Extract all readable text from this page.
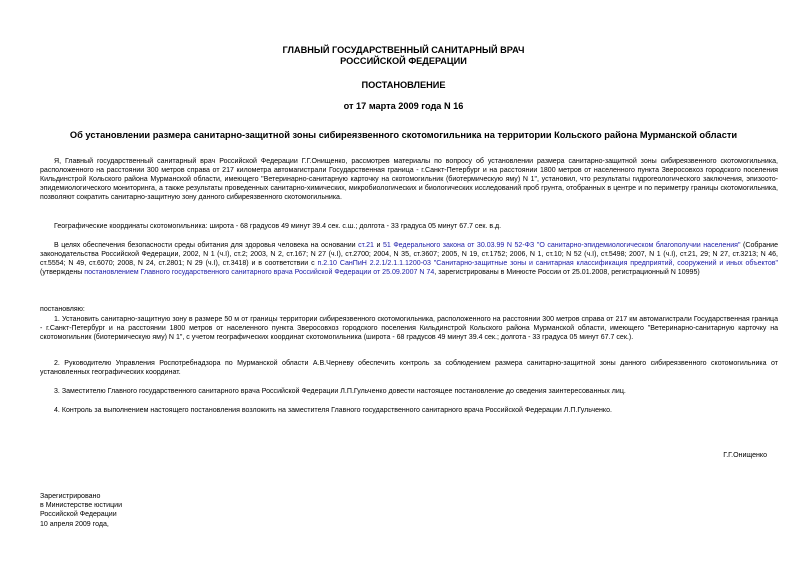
ГЛАВНЫЙ ГОСУДАРСТВЕННЫЙ САНИТАРНЫЙ ВРАЧ
РОССИЙСКОЙ ФЕДЕРАЦИИ
ПОСТАНОВЛЕНИЕ
от 17 марта 2009 года N 16
Об установлении размера санитарно-защитной зоны сибиреязвенного скотомогильника на территории Кольского района Мурманской области

Я, Главный государственный санитарный врач Российской Федерации Г.Г.Онищенко, рассмотрев материалы по вопросу об установлении размера санитарно-защитной зоны сибиреязвенного скотомогильника, расположенного на расстоянии 300 метров справа от 217 километра автомагистрали Государственная граница - г.Санкт-Петербург и на расстоянии 1800 метров от населенного пункта Зверосовхоз городского поселения Кильдинстрой Кольского района Мурманской области, имеющего "Ветеринарно-санитарную карточку на скотомогильник (биотермическую яму) N 1", установил, что результаты гидрогеологического заключения, эпизоото-эпидемиологического мониторинга, а также результаты проведенных санитарно-химических, микробиологических и биологических исследований проб грунта, отобранных в центре и по периметру границы скотомогильника, позволяют сократить санитарно-защитную зону данного сибиреязвенного скотомогильника.

Географические координаты скотомогильника: широта - 68 градусов 49 минут 39.4 сек. с.ш.; долгота - 33 градуса 05 минут 67.7 сек. в.д.

В целях обеспечения безопасности среды обитания для здоровья человека на основании ст.21 и 51 Федерального закона от 30.03.99 N 52-ФЗ "О санитарно-эпидемиологическом благополучии населения" (Собрание законодательства Российской Федерации, 2002, N 1 (ч.I), ст.2; 2003, N 2, ст.167; N 27 (ч.I), ст.2700; 2004, N 35, ст.3607; 2005, N 19, ст.1752; 2006, N 1, ст.10; N 52 (ч.I), ст.5498; 2007, N 1 (ч.I), ст.21, 29; N 27, ст.3213; N 46, ст.5554; N 49, ст.6070; 2008, N 24, ст.2801; N 29 (ч.I), ст.3418) и в соответствии с п.2.10 СанПиН 2.2.1/2.1.1.1200-03 "Санитарно-защитные зоны и санитарная классификация предприятий, сооружений и иных объектов" (утверждены постановлением Главного государственного санитарного врача Российской Федерации от 25.09.2007 N 74, зарегистрированы в Минюсте России от 25.01.2008, регистрационный N 10995)

постановляю:

1. Установить санитарно-защитную зону в размере 50 м от границы территории сибиреязвенного скотомогильника, расположенного на расстоянии 300 метров справа от 217 км автомагистрали Государственная граница - г.Санкт-Петербург и на расстоянии 1800 метров от населенного пункта Зверосовхоз городского поселения Кильдинстрой Кольского района Мурманской области, имеющего "Ветеринарно-санитарную карточку на скотомогильник (биотермическую яму) N 1", с учетом географических координат скотомогильника (широта - 68 градусов 49 минут 39.4 сек.; долгота - 33 градуса 05 минут 67.7 сек.).

2. Руководителю Управления Роспотребнадзора по Мурманской области А.В.Черневу обеспечить контроль за соблюдением размера санитарно-защитной зоны данного сибиреязвенного скотомогильника от установленных географических координат.

3. Заместителю Главного государственного санитарного врача Российской Федерации Л.П.Гульченко довести настоящее постановление до сведения заинтересованных лиц.

4. Контроль за выполнением настоящего постановления возложить на заместителя Главного государственного санитарного врача Российской Федерации Л.П.Гульченко.

Г.Г.Онищенко
Зарегистрировано
в Министерстве юстиции
Российской Федерации
10 апреля 2009 года,
